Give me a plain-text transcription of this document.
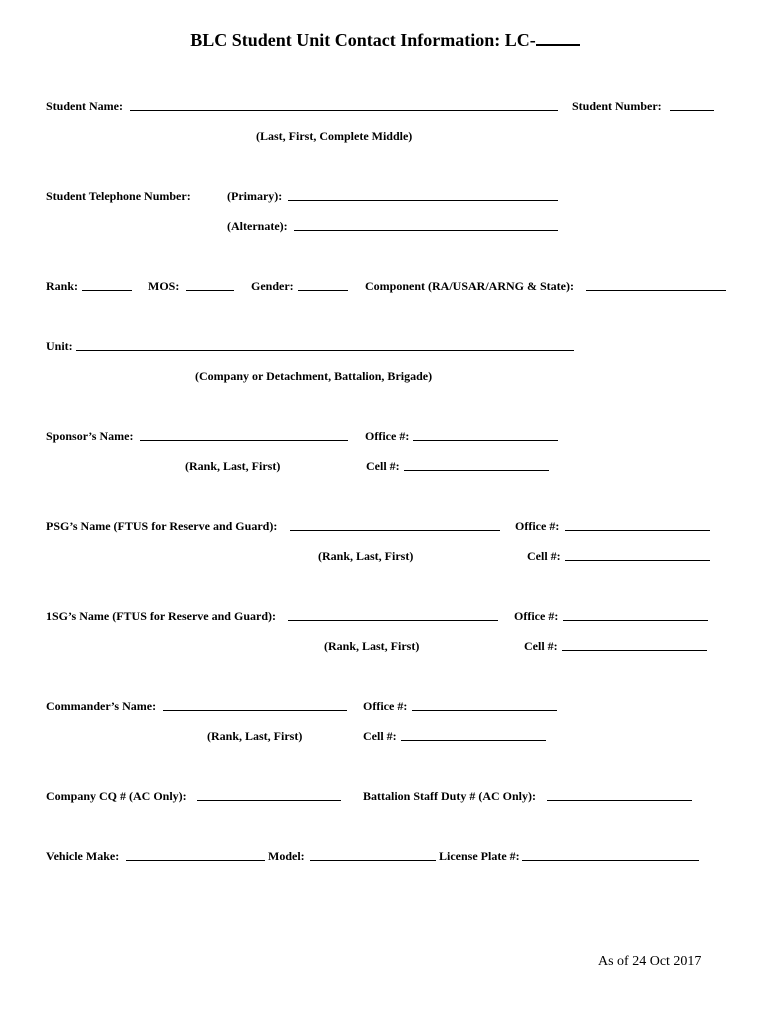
BLC Student Unit Contact Information: LC-
Student Name:	Student Number:
(Last, First, Complete Middle)
Student Telephone Number:	(Primary):
(Alternate):
Rank:	MOS:	Gender:	Component (RA/USAR/ARNG & State):
Unit:
(Company or Detachment, Battalion, Brigade)
Sponsor’s Name:	Office #:
(Rank, Last, First)	Cell #:
PSG’s Name (FTUS for Reserve and Guard):	Office #:
(Rank, Last, First)	Cell #:
1SG’s Name (FTUS for Reserve and Guard):	Office #:
(Rank, Last, First)	Cell #:
Commander’s Name:	Office #:
(Rank, Last, First)	Cell #:
Company CQ # (AC Only):	Battalion Staff Duty # (AC Only):
Vehicle Make:	Model:	License Plate #:
As of 24 Oct 2017
